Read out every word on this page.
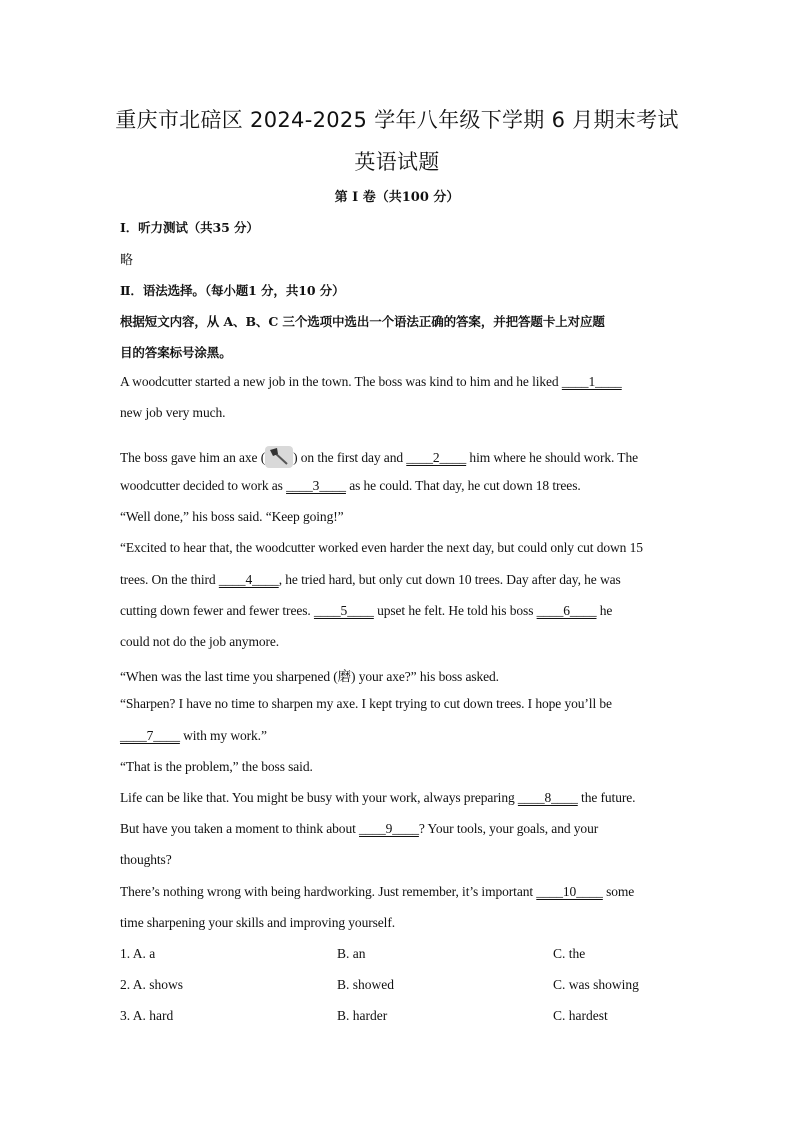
重庆市北碚区 2024-2025 学年八年级下学期 6 月期末考试
英语试题
第 I 卷（共100 分）
Ⅰ．听力测试（共35 分）
略
Ⅱ．语法选择。（每小题1 分，共10 分）
根据短文内容，从 A、B、C 三个选项中选出一个语法正确的答案，并把答题卡上对应题
目的答案标号涂黑。
A woodcutter started a new job in the town. The boss was kind to him and he liked ____1____
new job very much.
The boss gave him an axe ( ) on the first day and ____2____ him where he should work. The
woodcutter decided to work as ____3____ as he could. That day, he cut down 18 trees.
“Well done,” his boss said. “Keep going!”
“Excited to hear that, the woodcutter worked even harder the next day, but could only cut down 15
trees. On the third ____4____, he tried hard, but only cut down 10 trees. Day after day, he was
cutting down fewer and fewer trees. ____5____ upset he felt. He told his boss ____6____ he
could not do the job anymore.
“When was the last time you sharpened (磨) your axe?” his boss asked.
“Sharpen? I have no time to sharpen my axe. I kept trying to cut down trees. I hope you’ll be
____7____ with my work.”
“That is the problem,” the boss said.
Life can be like that. You might be busy with your work, always preparing ____8____ the future.
But have you taken a moment to think about ____9____? Your tools, your goals, and your
thoughts?
There’s nothing wrong with being hardworking. Just remember, it’s important ____10____ some
time sharpening your skills and improving yourself.
1. A. a	B. an	C. the
2. A. shows	B. showed	C. was showing
3. A. hard	B. harder	C. hardest
